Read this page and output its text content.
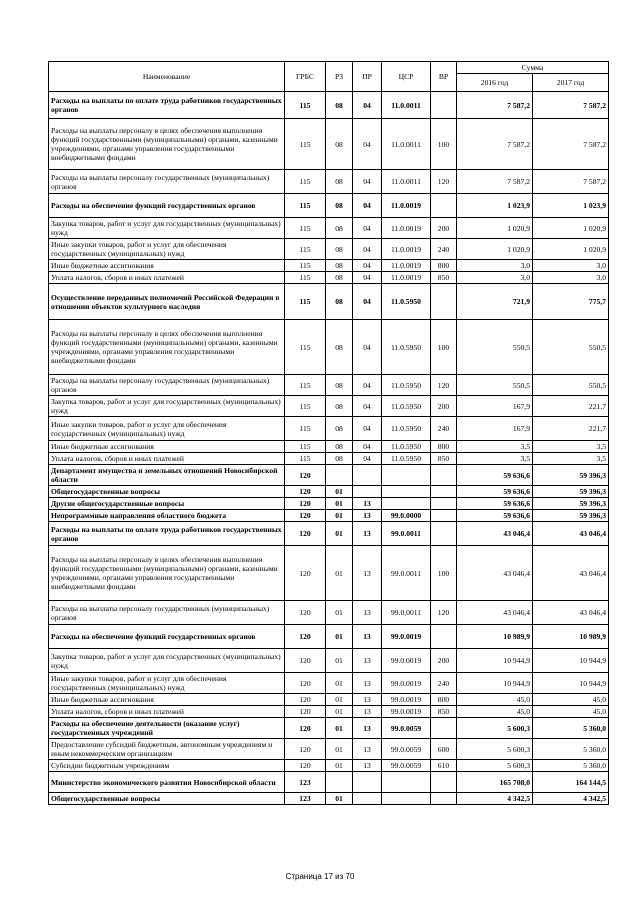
Наименование	ГРБС	РЗ	ПР	ЦСР	ВР	Сумма	
						2016 год	2017 год
Расходы на выплаты по оплате труда работников государственных органов	115	08	04	11.0.0011		7 587,2	7 587,2
Расходы на выплаты персоналу в целях обеспечения выполнения функций государственными (муниципальными) органами, казенными учреждениями, органами управления государственными внебюджетными фондами	115	08	04	11.0.0011	100	7 587,2	7 587,2
Расходы на выплаты персоналу государственных (муниципальных) органов	115	08	04	11.0.0011	120	7 587,2	7 587,2
Расходы на обеспечение функций государственных органов	115	08	04	11.0.0019		1 023,9	1 023,9
Закупка товаров, работ и услуг для государственных (муниципальных) нужд	115	08	04	11.0.0019	200	1 020,9	1 020,9
Иные закупки товаров, работ и услуг для обеспечения государственных (муниципальных) нужд	115	08	04	11.0.0019	240	1 020,9	1 020,9
Иные бюджетные ассигнования	115	08	04	11.0.0019	800	3,0	3,0
Уплата налогов, сборов и иных платежей	115	08	04	11.0.0019	850	3,0	3,0
Осуществление переданных полномочий Российской Федерации в отношении объектов культурного наследия	115	08	04	11.0.5950		721,9	775,7
Расходы на выплаты персоналу в целях обеспечения выполнения функций государственными (муниципальными) органами, казенными учреждениями, органами управления государственными внебюджетными фондами	115	08	04	11.0.5950	100	550,5	550,5
Расходы на выплаты персоналу государственных (муниципальных) органов	115	08	04	11.0.5950	120	550,5	550,5
Закупка товаров, работ и услуг для государственных (муниципальных) нужд	115	08	04	11.0.5950	200	167,9	221,7
Иные закупки товаров, работ и услуг для обеспечения государственных (муниципальных) нужд	115	08	04	11.0.5950	240	167,9	221,7
Иные бюджетные ассигнования	115	08	04	11.0.5950	800	3,5	3,5
Уплата налогов, сборов и иных платежей	115	08	04	11.0.5950	850	3,5	3,5
Департамент имущества и земельных отношений Новосибирской области	120					59 636,6	59 396,3
Общегосударственные вопросы	120	01				59 636,6	59 396,3
Другие общегосударственные вопросы	120	01	13			59 636,6	59 396,3
Непрограммные направления областного бюджета	120	01	13	99.0.0000		59 636,6	59 396,3
Расходы на выплаты по оплате труда работников государственных органов	120	01	13	99.0.0011		43 046,4	43 046,4
Расходы на выплаты персоналу в целях обеспечения выполнения функций государственными (муниципальными) органами, казенными учреждениями, органами управления государственными внебюджетными фондами	120	01	13	99.0.0011	100	43 046,4	43 046,4
Расходы на выплаты персоналу государственных (муниципальных) органов	120	01	13	99.0.0011	120	43 046,4	43 046,4
Расходы на обеспечение функций государственных органов	120	01	13	99.0.0019		10 989,9	10 989,9
Закупка товаров, работ и услуг для государственных (муниципальных) нужд	120	01	13	99.0.0019	200	10 944,9	10 944,9
Иные закупки товаров, работ и услуг для обеспечения государственных (муниципальных) нужд	120	01	13	99.0.0019	240	10 944,9	10 944,9
Иные бюджетные ассигнования	120	01	13	99.0.0019	800	45,0	45,0
Уплата налогов, сборов и иных платежей	120	01	13	99.0.0019	850	45,0	45,0
Расходы на обеспечение деятельности (оказание услуг) государственных учреждений	120	01	13	99.0.0059		5 600,3	5 360,0
Предоставление субсидий бюджетным, автономным учреждениям и иным некоммерческим организациям	120	01	13	99.0.0059	600	5 600,3	5 360,0
Субсидии бюджетным учреждениям	120	01	13	99.0.0059	610	5 600,3	5 360,0
Министерство экономического развития Новосибирской области	123					165 708,0	164 144,5
Общегосударственные вопросы	123	01				4 342,5	4 342,5
Страница 17 из 70
